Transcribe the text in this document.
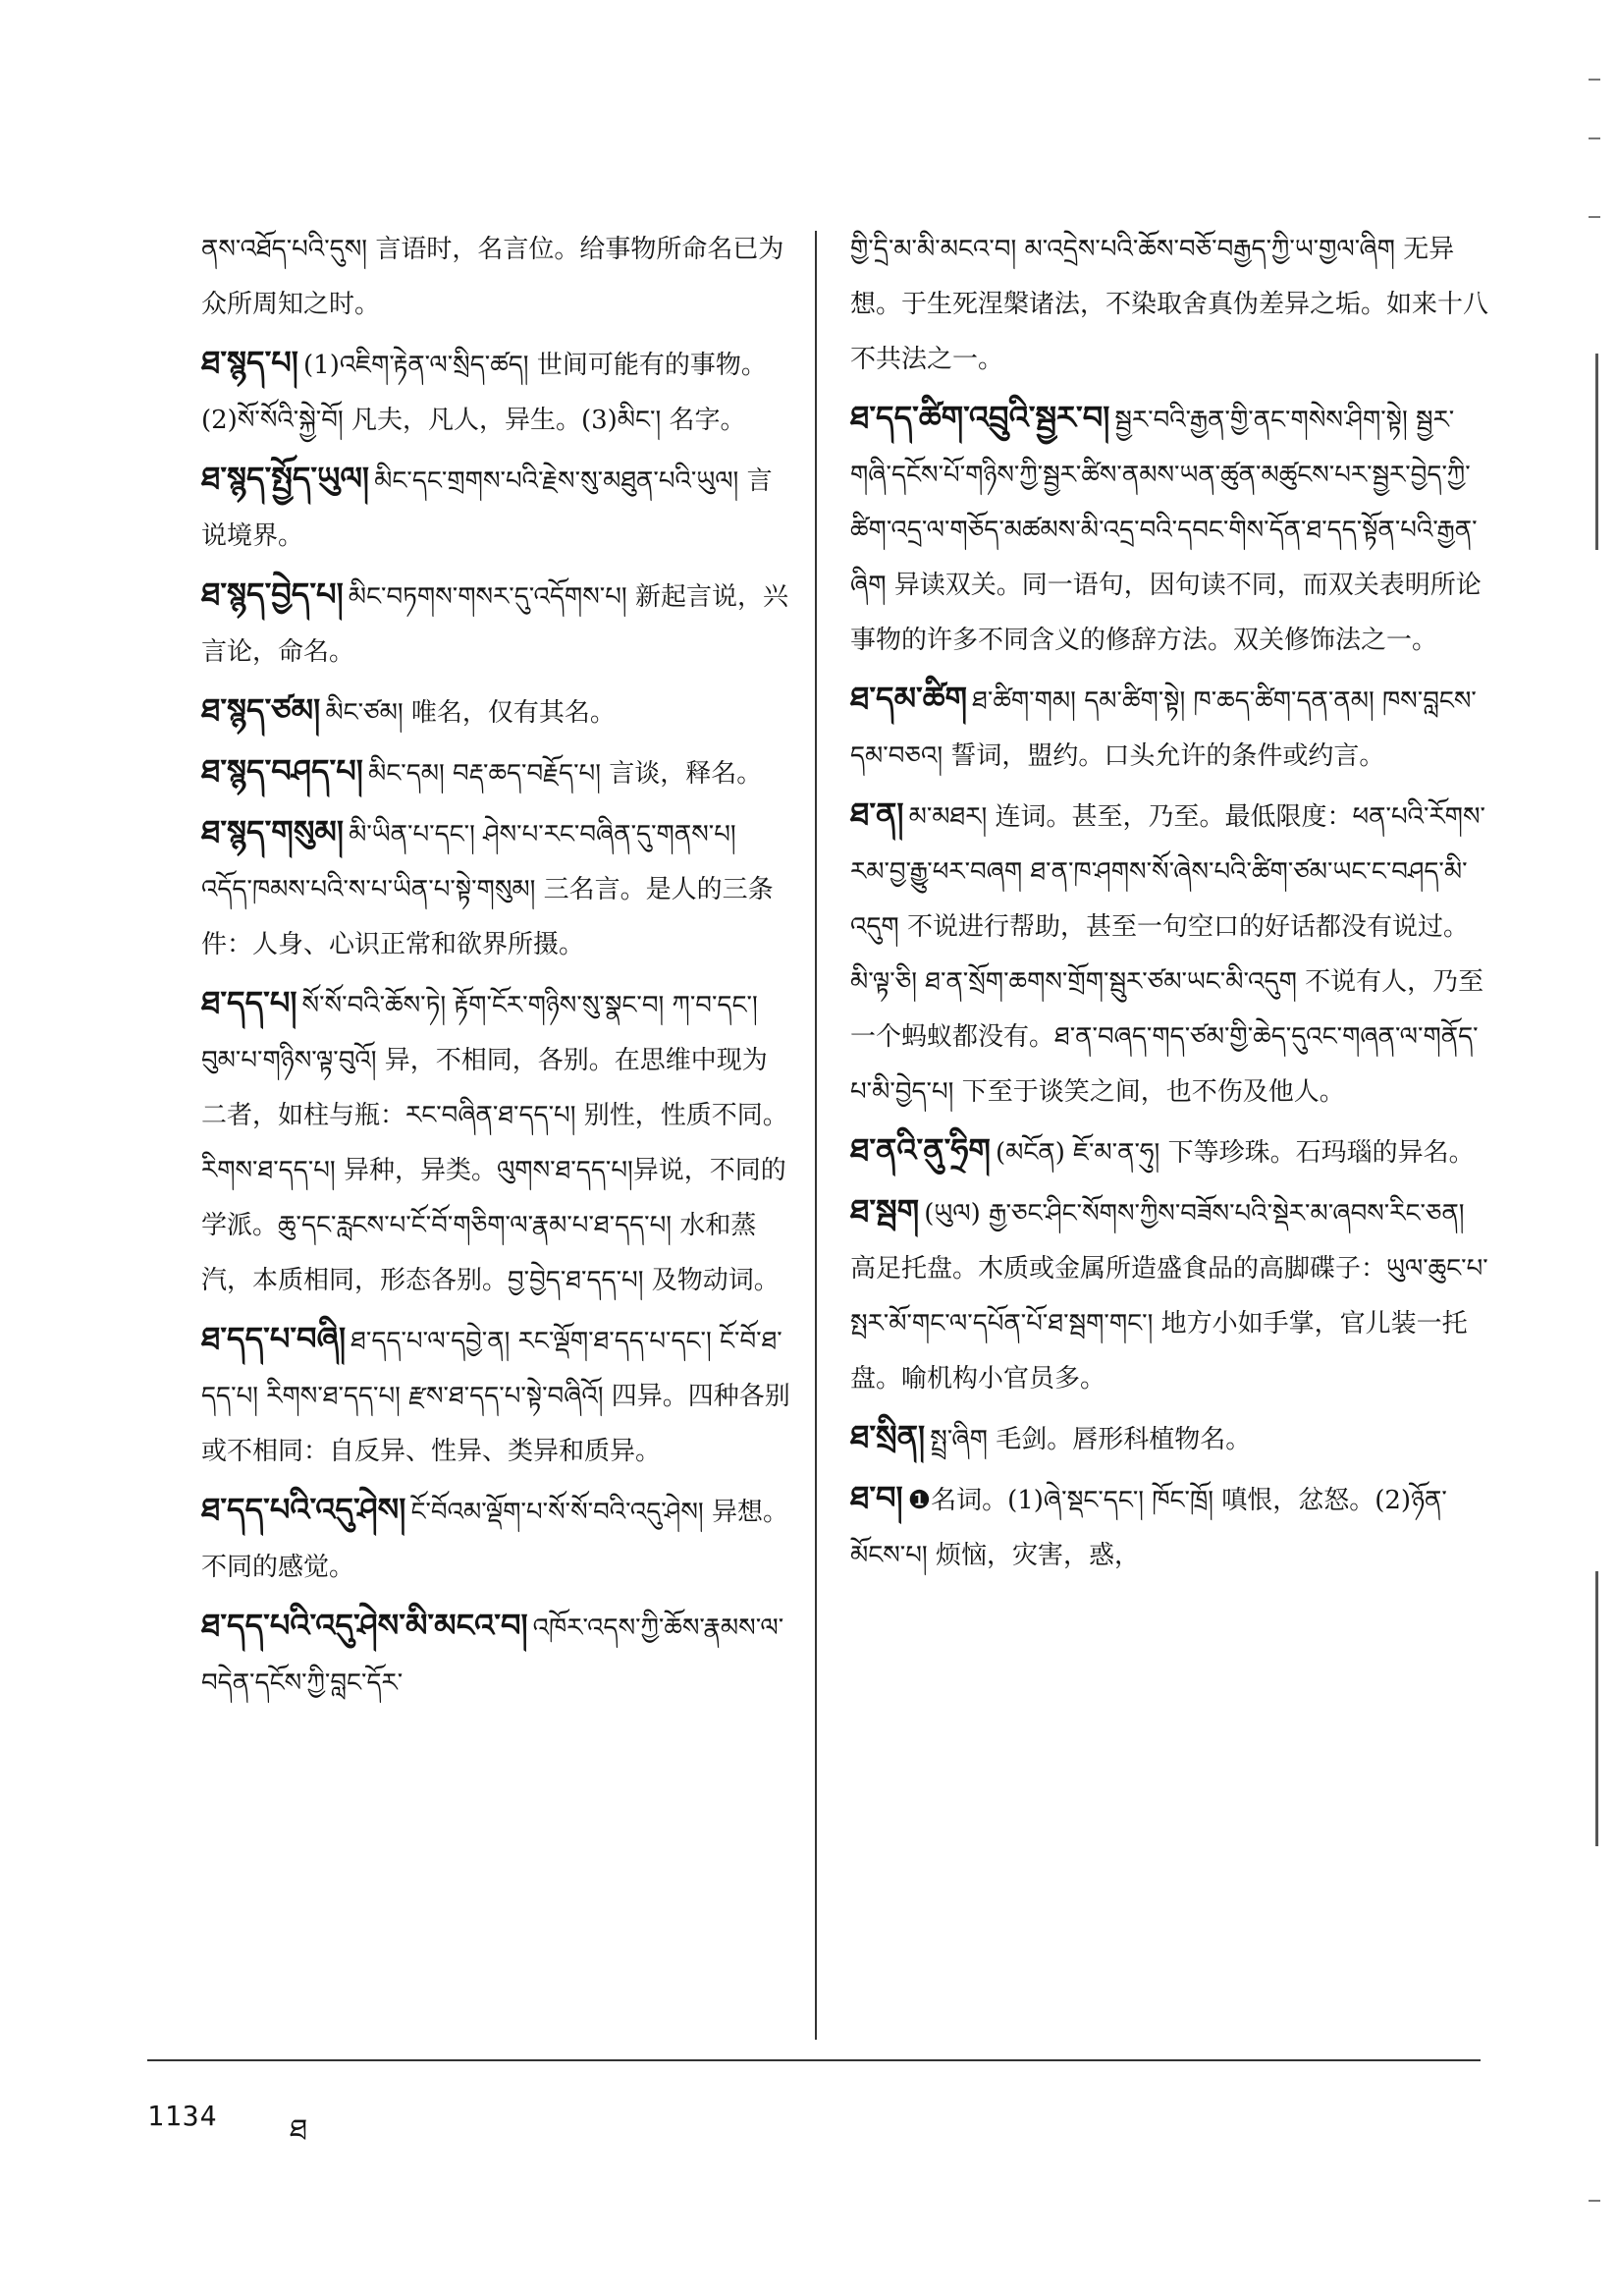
ནས་འཐོད་པའི་དུས། 言语时，名言位。给事物所命名已为众所周知之时。
ཐ་སྙད་པ། (1)འཇིག་རྟེན་ལ་སྲིད་ཚད། 世间可能有的事物。(2)སོ་སོའི་སྐྱེ་བོ། 凡夫，凡人，异生。(3)མིང་། 名字。
ཐ་སྙད་སྤྱོད་ཡུལ། མིང་དང་གྲགས་པའི་རྗེས་སུ་མཐུན་པའི་ཡུལ། 言说境界。
ཐ་སྙད་བྱེད་པ། མིང་བཏགས་གསར་དུ་འདོགས་པ། 新起言说，兴言论，命名。
ཐ་སྙད་ཙམ། མིང་ཙམ། 唯名，仅有其名。
ཐ་སྙད་བཤད་པ། མིང་དམ། བརྡ་ཆད་བརྗོད་པ། 言谈，释名。
ཐ་སྙད་གསུམ། མི་ཡིན་པ་དང་། ཤེས་པ་རང་བཞིན་དུ་གནས་པ། འདོད་ཁམས་པའི་ས་པ་ཡིན་པ་སྟེ་གསུམ། 三名言。是人的三条件：人身、心识正常和欲界所摄。
ཐ་དད་པ། སོ་སོ་བའི་ཆོས་ཏེ། རྟོག་ངོར་གཉིས་སུ་སྣང་བ། ཀ་བ་དང་། བུམ་པ་གཉིས་ལྟ་བུའོ། 异，不相同，各别。在思维中现为二者，如柱与瓶：རང་བཞིན་ཐ་དད་པ། 别性，性质不同。རིགས་ཐ་དད་པ། 异种，异类。ལུགས་ཐ་དད་པ།异说，不同的学派。ཆུ་དང་རླངས་པ་ངོ་བོ་གཅིག་ལ་རྣམ་པ་ཐ་དད་པ། 水和蒸汽，本质相同，形态各别。བྱ་བྱེད་ཐ་དད་པ། 及物动词。
ཐ་དད་པ་བཞི། ཐ་དད་པ་ལ་དབྱེ་ན། རང་ལྡོག་ཐ་དད་པ་དང་། ངོ་བོ་ཐ་དད་པ། རིགས་ཐ་དད་པ། རྫས་ཐ་དད་པ་སྟེ་བཞིའོ། 四异。四种各别或不相同：自反异、性异、类异和质异。
ཐ་དད་པའི་འདུ་ཤེས། ངོ་བོའམ་ལྡོག་པ་སོ་སོ་བའི་འདུ་ཤེས། 异想。不同的感觉。
ཐ་དད་པའི་འདུ་ཤེས་མི་མངའ་བ། འཁོར་འདས་ཀྱི་ཆོས་རྣམས་ལ་བདེན་དངོས་ཀྱི་བླང་དོར་
གྱི་དྲི་མ་མི་མངའ་བ། མ་འདྲེས་པའི་ཆོས་བཅོ་བརྒྱད་ཀྱི་ཡ་གྱལ་ཞིག 无异想。于生死涅槃诸法，不染取舍真伪差异之垢。如来十八不共法之一。
ཐ་དད་ཚིག་འབྲུའི་སྦྱར་བ། སྦྱར་བའི་རྒྱན་གྱི་ནང་གསེས་ཤིག་སྟེ། སྦྱར་གཞི་དངོས་པོ་གཉིས་ཀྱི་སྦྱར་ཚིས་ནམས་ཡན་ཚུན་མཚུངས་པར་སྦྱར་བྱེད་ཀྱི་ཚིག་འདྲ་ལ་གཅོད་མཚམས་མི་འདྲ་བའི་དབང་གིས་དོན་ཐ་དད་སྟོན་པའི་རྒྱན་ཞིག 异读双关。同一语句，因句读不同，而双关表明所论事物的许多不同含义的修辞方法。双关修饰法之一。
ཐ་དམ་ཚིག ཐ་ཚིག་གམ། དམ་ཚིག་སྟེ། ཁ་ཆད་ཚིག་དན་ནམ། ཁས་བླངས་དམ་བཅའ། 誓词，盟约。口头允许的条件或约言。
ཐ་ན། མ་མཐར། 连词。甚至，乃至。最低限度：ཕན་པའི་རོགས་རམ་བྱ་རྒྱུ་ཕར་བཞག ཐ་ན་ཁ་ཤགས་སོ་ཞེས་པའི་ཚིག་ཙམ་ཡང་ང་བཤད་མི་འདུག 不说进行帮助，甚至一句空口的好话都没有说过。མི་ལྟ་ཅི། ཐ་ན་སྲོག་ཆགས་གྲོག་སྦུར་ཙམ་ཡང་མི་འདུག 不说有人，乃至一个蚂蚁都没有。ཐ་ན་བཞད་གད་ཙམ་གྱི་ཆེད་དུའང་གཞན་ལ་གནོད་པ་མི་བྱེད་པ། 下至于谈笑之间，也不伤及他人。
ཐ་ནའི་ནུ་ཧྲིག (མངོན) ཇོ་མ་ན་ཧུ། 下等珍珠。石玛瑙的异名。
ཐ་སྦག (ཡུལ) རྒྱ་ཅང་ཤིང་སོགས་ཀྱིས་བཟོས་པའི་སྡེར་མ་ཞབས་རིང་ཅན། 高足托盘。木质或金属所造盛食品的高脚碟子：ཡུལ་ཆུང་པ་སྤར་མོ་གང་ལ་དཔོན་པོ་ཐ་སྦག་གང་། 地方小如手掌，官儿装一托盘。喻机构小官员多。
ཐ་སྲིན། སྤྲ་ཞིག 毛剑。唇形科植物名。
ཐ་བ། ❶名词。(1)ཞེ་སྡང་དང་། ཁོང་ཁྲོ། 嗔恨，忿怒。(2)ཉོན་མོངས་པ། 烦恼，灾害，惑，
1134 ཐ
